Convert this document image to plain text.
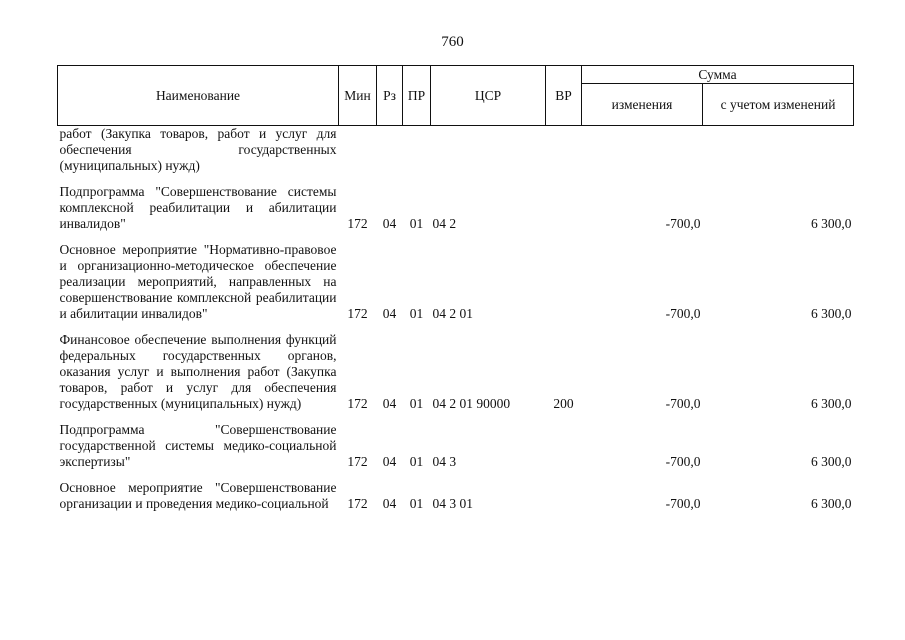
760
Наименование	Мин	Рз	ПР	ЦСР	ВР	Сумма	
						изменения	с учетом изменений
работ (Закупка товаров, работ и услуг для обеспечения государственных (муниципальных) нужд)							
Подпрограмма "Совершенствование системы комплексной реабилитации и абилитации инвалидов"	172	04	01	04 2		-700,0	6 300,0
Основное мероприятие "Нормативно-правовое и организационно-методическое обеспечение реализации мероприятий, направленных на совершенствование комплексной реабилитации и абилитации инвалидов"	172	04	01	04 2 01		-700,0	6 300,0
Финансовое обеспечение выполнения функций федеральных государственных органов, оказания услуг и выполнения работ (Закупка товаров, работ и услуг для обеспечения государственных (муниципальных) нужд)	172	04	01	04 2 01 90000	200	-700,0	6 300,0
Подпрограмма "Совершенствование государственной системы медико-социальной экспертизы"	172	04	01	04 3		-700,0	6 300,0
Основное мероприятие "Совершенствование организации и проведения медико-социальной	172	04	01	04 3 01		-700,0	6 300,0
